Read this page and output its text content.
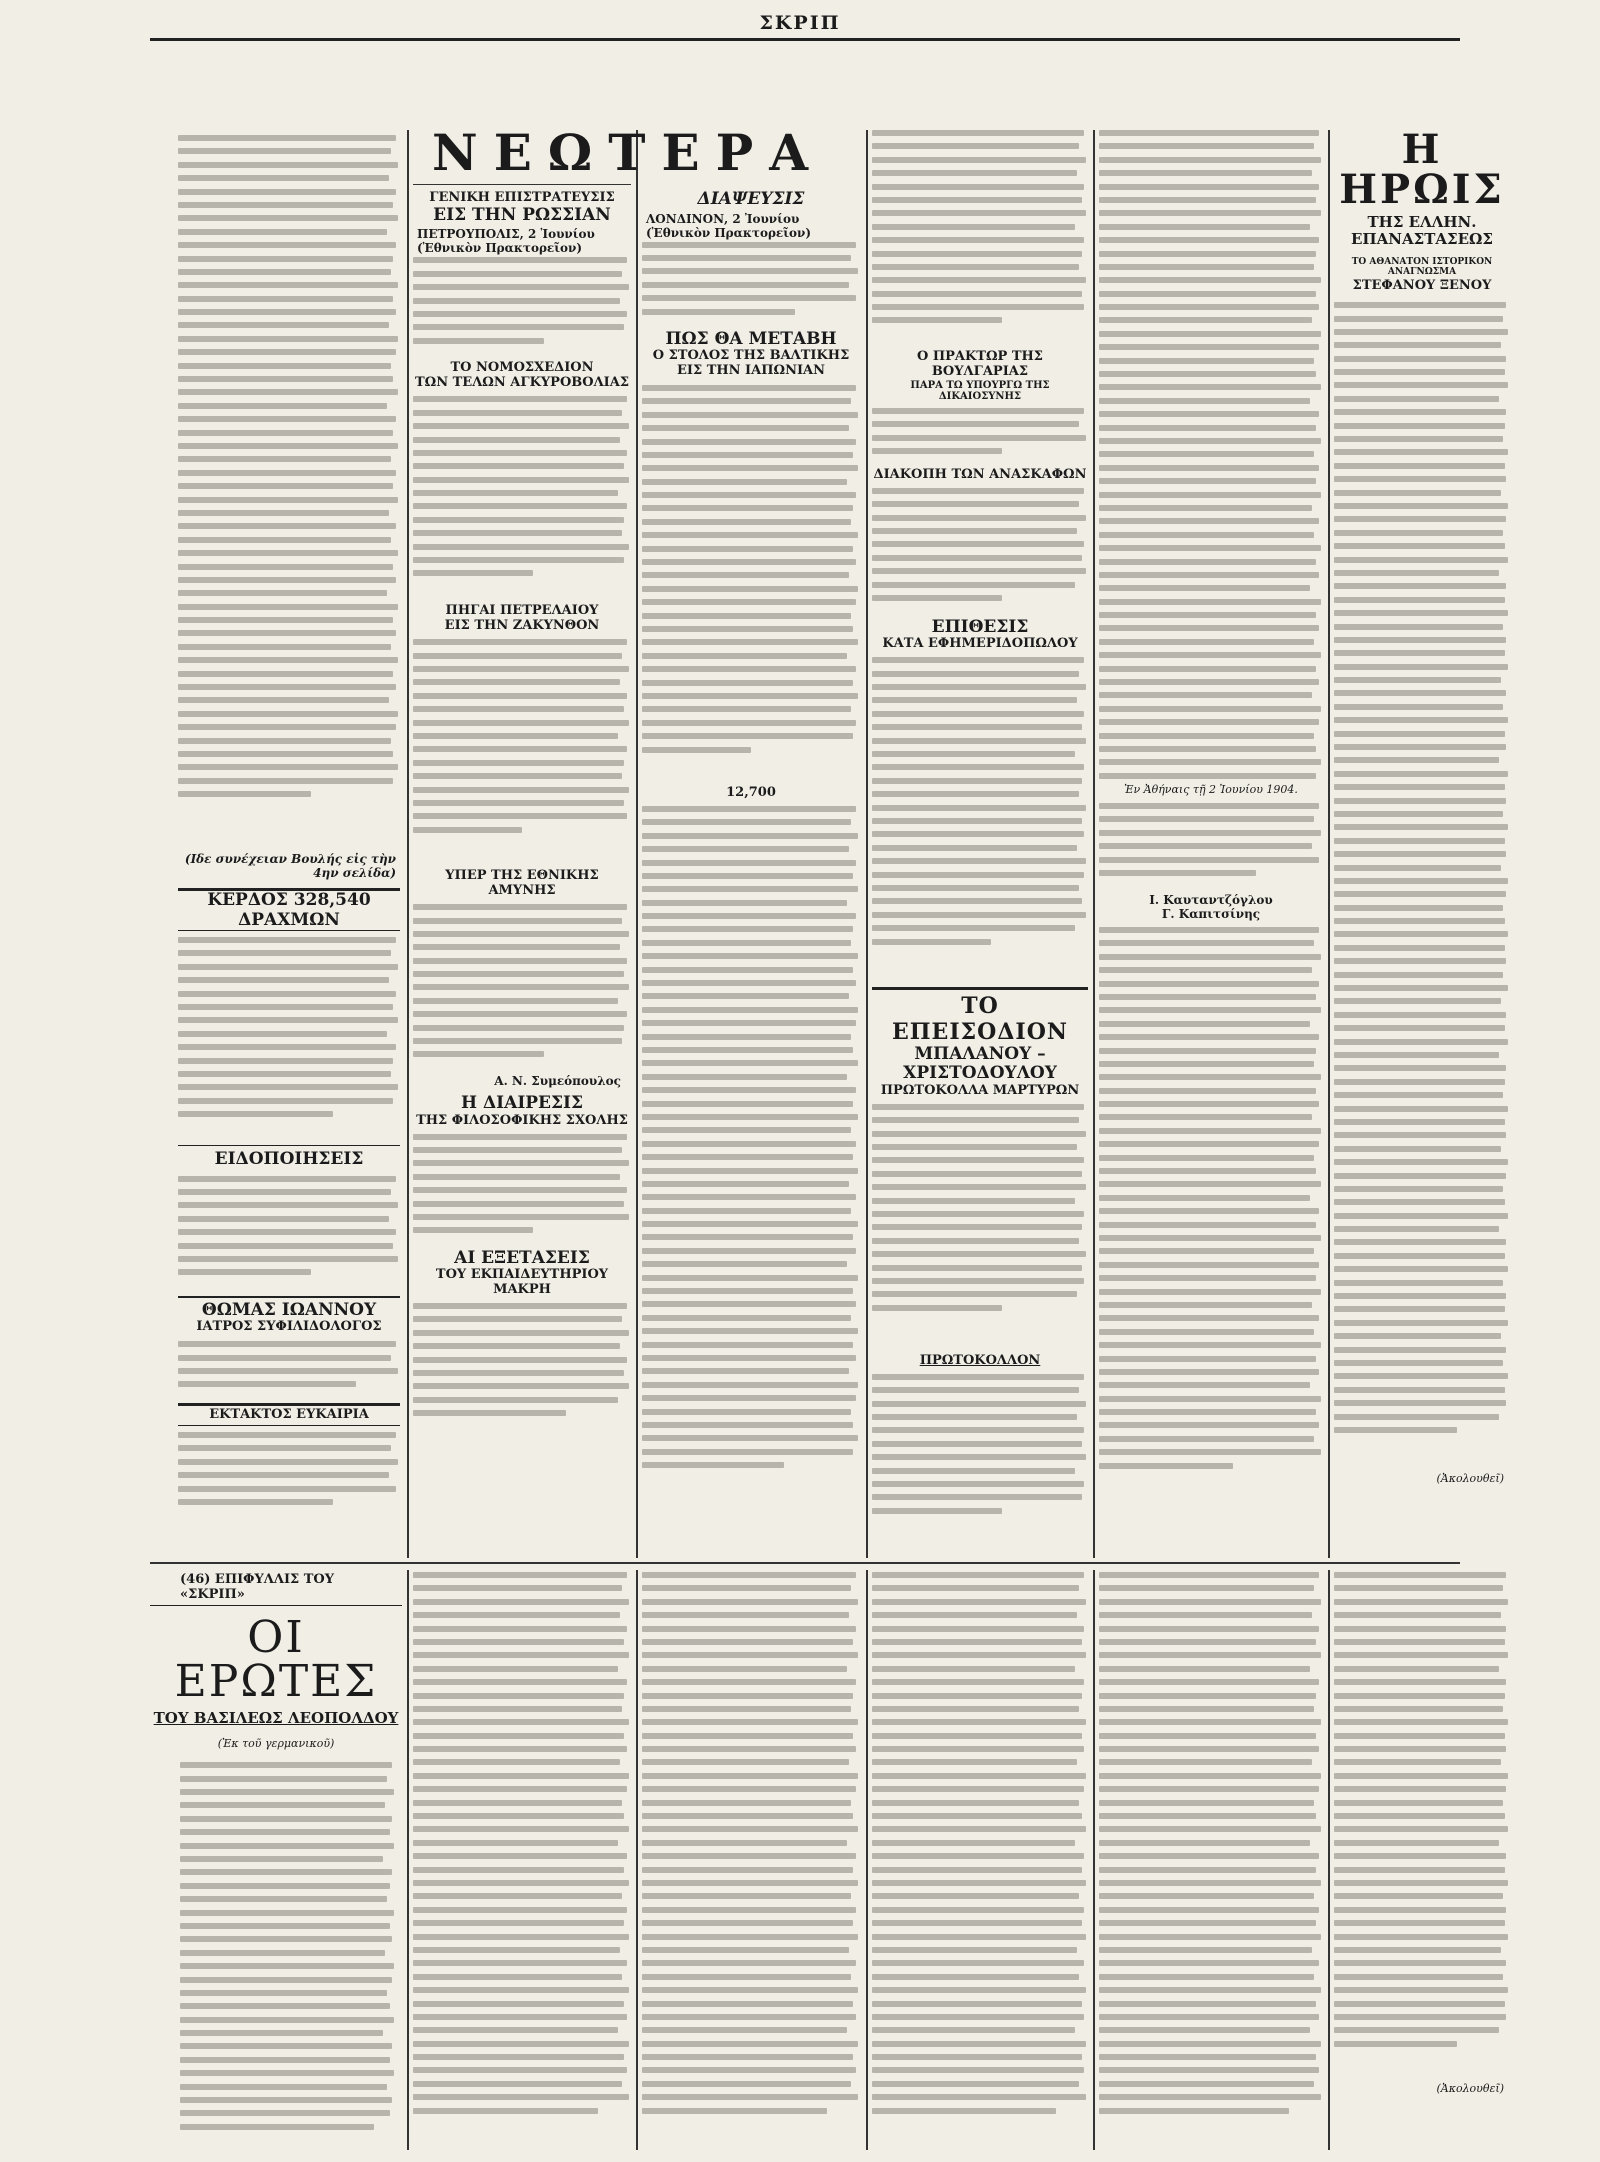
ΣΚΡΙΠ
(Ιδε συνέχειαν Βουλής εἰς τὴν 4ην σελίδα)
ΚΕΡΔΟΣ 328,540 ΔΡΑΧΜΩΝ
ΕΙΔΟΠΟΙΗΣΕΙΣ
ΘΩΜΑΣ ΙΩΑΝΝΟΥ
ΙΑΤΡΟΣ ΣΥΦΙΛΙΔΟΛΟΓΟΣ
ΕΚΤΑΚΤΟΣ ΕΥΚΑΙΡΙΑ
ΝΕΩΤΕΡΑ
ΓΕΝΙΚΗ ΕΠΙΣΤΡΑΤΕΥΣΙΣ
ΕΙΣ ΤΗΝ ΡΩΣΣΙΑΝ
ΠΕΤΡΟΥΠΟΛΙΣ, 2 Ἰουνίου (Ἐθνικὸν Πρακτορεῖον)
ΤΟ ΝΟΜΟΣΧΕΔΙΟΝ
ΤΩΝ ΤΕΛΩΝ ΑΓΚΥΡΟΒΟΛΙΑΣ
ΠΗΓΑΙ ΠΕΤΡΕΛΑΙΟΥ
ΕΙΣ ΤΗΝ ΖΑΚΥΝΘΟΝ
ΥΠΕΡ ΤΗΣ ΕΘΝΙΚΗΣ ΑΜΥΝΗΣ
Α. Ν. Συμεόπουλος
Η ΔΙΑΙΡΕΣΙΣ
ΤΗΣ ΦΙΛΟΣΟΦΙΚΗΣ ΣΧΟΛΗΣ
ΑΙ ΕΞΕΤΑΣΕΙΣ
ΤΟΥ ΕΚΠΑΙΔΕΥΤΗΡΙΟΥ ΜΑΚΡΗ
ΔΙΑΨΕΥΣΙΣ
ΛΟΝΔΙΝΟΝ, 2 Ἰουνίου (Ἐθνικὸν Πρακτορεῖον)
ΠΩΣ ΘΑ ΜΕΤΑΒΗ
Ο ΣΤΟΛΟΣ ΤΗΣ ΒΑΛΤΙΚΗΣ
ΕΙΣ ΤΗΝ ΙΑΠΩΝΙΑΝ
12,700
Ο ΠΡΑΚΤΩΡ ΤΗΣ ΒΟΥΛΓΑΡΙΑΣ
ΠΑΡΑ ΤΩ ΥΠΟΥΡΓΩ ΤΗΣ ΔΙΚΑΙΟΣΥΝΗΣ
ΔΙΑΚΟΠΗ ΤΩΝ ΑΝΑΣΚΑΦΩΝ
ΕΠΙΘΕΣΙΣ
ΚΑΤΑ ΕΦΗΜΕΡΙΔΟΠΩΛΟΥ
ΤΟ ΕΠΕΙΣΟΔΙΟΝ
ΜΠΑΛΑΝΟΥ – ΧΡΙΣΤΟΔΟΥΛΟΥ
ΠΡΩΤΟΚΟΛΛΑ ΜΑΡΤΥΡΩΝ
ΠΡΩΤΟΚΟΛΛΟΝ
Ἐν Ἀθήναις τῇ 2 Ἰουνίου 1904.
Ι. Καυταντζόγλου
Γ. Καπιτσίνης
Η ΗΡΩΙΣ
ΤΗΣ ΕΛΛΗΝ. ΕΠΑΝΑΣΤΑΣΕΩΣ
ΤΟ ΑΘΑΝΑΤΟΝ ΙΣΤΟΡΙΚΟΝ ΑΝΑΓΝΩΣΜΑ
ΣΤΕΦΑΝΟΥ ΞΕΝΟΥ
(Ἀκολουθεῖ)
(46) ΕΠΙΦΥΛΛΙΣ ΤΟΥ «ΣΚΡΙΠ»
ΟΙ ΕΡΩΤΕΣ
ΤΟΥ ΒΑΣΙΛΕΩΣ ΛΕΟΠΟΛΔΟΥ
(Ἐκ τοῦ γερμανικοῦ)
(Ἀκολουθεῖ)
